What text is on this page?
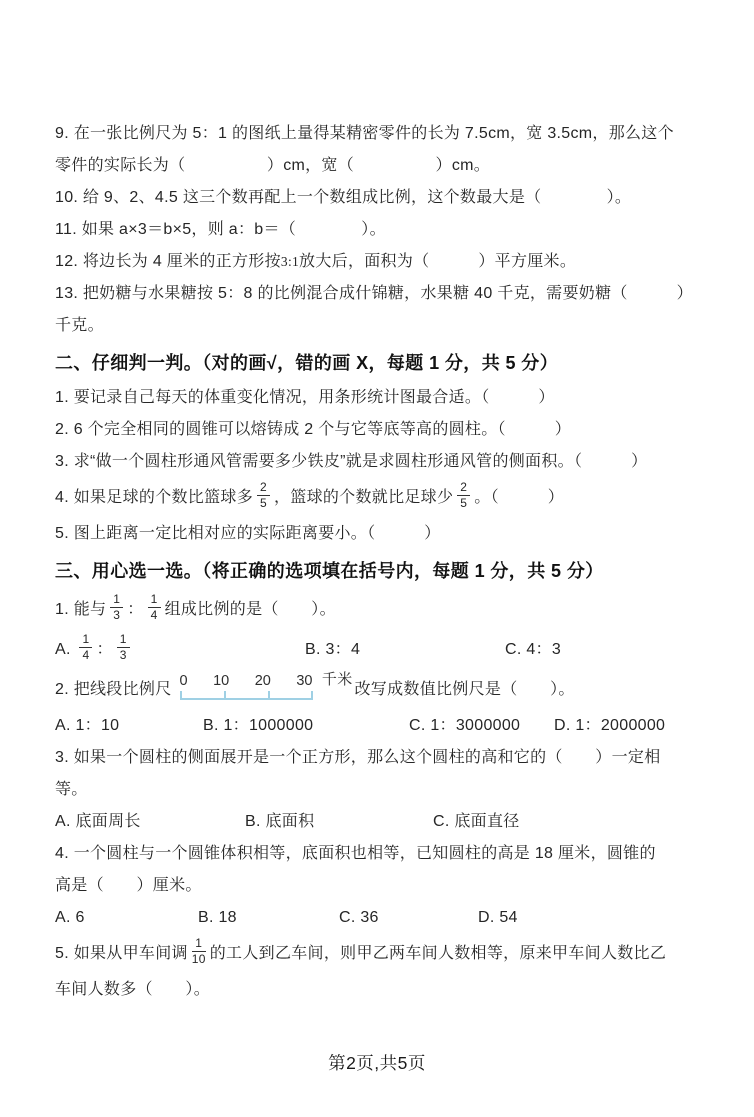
9. 在一张比例尺为 5：1 的图纸上量得某精密零件的长为 7.5cm，宽 3.5cm，那么这个
零件的实际长为（　　　　　）cm，宽（　　　　　）cm。
10. 给 9、2、4.5 这三个数再配上一个数组成比例，这个数最大是（　　　　）。
11. 如果 a×3＝b×5，则 a：b＝（　　　　）。
12. 将边长为 4 厘米的正方形按3:1放大后，面积为（　　　）平方厘米。
13. 把奶糖与水果糖按 5：8 的比例混合成什锦糖，水果糖 40 千克，需要奶糖（　　　）
千克。
二、仔细判一判。（对的画√，错的画 X，每题 1 分，共 5 分）
1. 要记录自己每天的体重变化情况，用条形统计图最合适。（　　　）
2. 6 个完全相同的圆锥可以熔铸成 2 个与它等底等高的圆柱。（　　　）
3. 求“做一个圆柱形通风管需要多少铁皮”就是求圆柱形通风管的侧面积。（　　　）
4. 如果足球的个数比篮球多 $\frac{2}{5}$ ，篮球的个数就比足球少 $\frac{2}{5}$ 。（　　　）
5. 图上距离一定比相对应的实际距离要小。（　　　）
三、用心选一选。（将正确的选项填在括号内，每题 1 分，共 5 分）
1. 能与 $\frac{1}{3}$ ： $\frac{1}{4}$ 组成比例的是（　　）。
A. $\frac{1}{4}$ ： $\frac{1}{3}$	B. 3：4	C. 4：3
2. 把线段比例尺 0 10 20 30 千米
改写成数值比例尺是（　　）。
A. 1：10	B. 1：1000000	C. 1：3000000	D. 1：2000000
3. 如果一个圆柱的侧面展开是一个正方形，那么这个圆柱的高和它的（　　）一定相
等。
A. 底面周长	B. 底面积	C. 底面直径
4. 一个圆柱与一个圆锥体积相等，底面积也相等，已知圆柱的高是 18 厘米，圆锥的
高是（　　）厘米。
A. 6	B. 18	C. 36	D. 54
5. 如果从甲车间调 $\frac{1}{10}$ 的工人到乙车间，则甲乙两车间人数相等，原来甲车间人数比乙
车间人数多（　　）。
第2页,共5页
